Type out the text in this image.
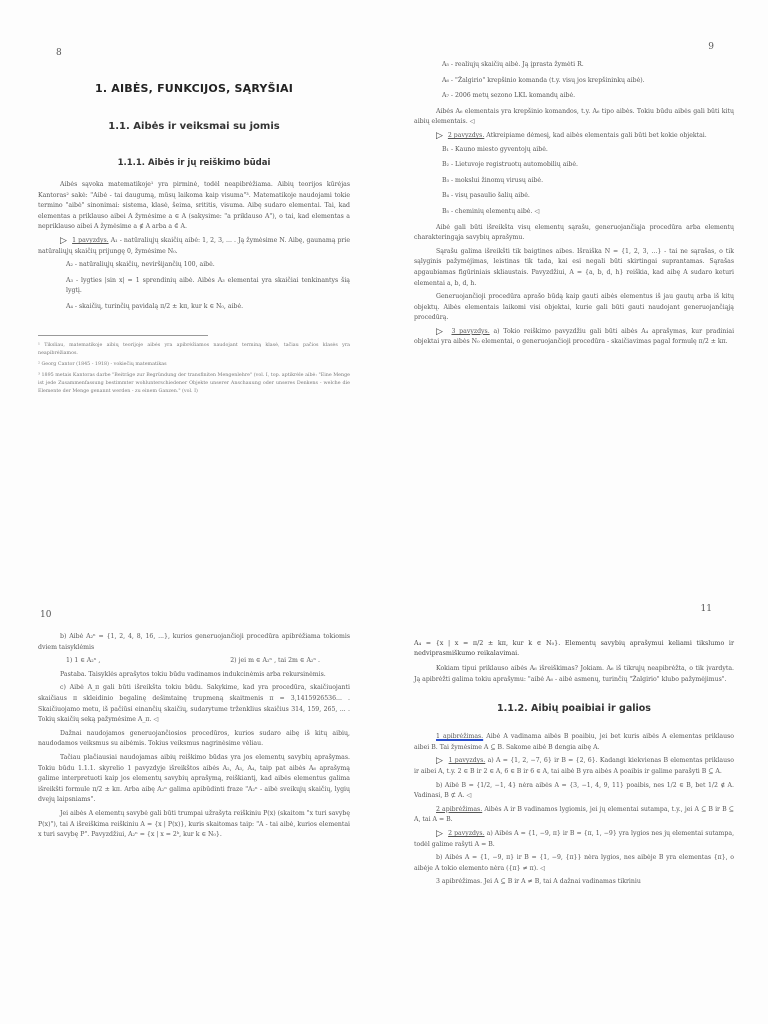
8
1. AIBĖS, FUNKCIJOS, SĄRYŠIAI
1.1. Aibės ir veiksmai su jomis
1.1.1. Aibės ir jų reiškimo būdai

Aibės sąvoka matematikoje¹ yra pirminė, todėl neapibrėžiama. Aibių teorijos kūrėjas Kantoras² sakė: "Aibė - tai daugumą, mūsų laikoma kaip visuma"³. Matematikoje naudojami tokie termino "aibė" sinonimai: sistema, klasė, šeima, srititis, visuma. Aibę sudaro elementai. Tai, kad elementas a priklauso aibei A žymėsime a ∈ A (sakysime: "a priklauso A"), o tai, kad elementas a nepriklauso aibei A žymėsime a ∉ A arba a ∈̄ A.

▷ 1 pavyzdys. A₁ - natūraliųjų skaičių aibė: 1, 2, 3, ... . Ją žymėsime N. Aibę, gaunamą prie natūraliųjų skaičių prijungę 0, žymėsime N₀.

A₂ - natūraliųjų skaičių, neviršijančių 100, aibė.

A₃ - lygties |sin x| = 1 sprendinių aibė. Aibės A₃ elementai yra skaičiai tenkinantys šią lygtį.

A₄ - skaičių, turinčių pavidalą π/2 ± kπ, kur k ∈ N₀, aibė.

¹ Tiksliau, matematikoje aibių teorijoje aibės yra apibrėžiamos naudojant terminą klasė, tačiau pačios klasės yra neapibrėžiamos.

² Georg Cantor (1845 - 1918) - vokiečių matematikas

³ 1895 metais Kantoras darbe "Beiträge zur Begründung der transfiniten Mengenlehre" (vol. I, top. aptikrėle aibė: "Eine Menge ist jede Zusammenfassung bestimmter wohlunterschiedener Objekte unserer Anschauung oder unseres Denkens - welche die Elemente der Menge genannt werden - zu einem Ganzen." (vol. I)

9

A₅ - realiųjų skaičių aibė. Ją įprasta žymėti R.

A₆ - "Žalgirio" krepšinio komanda (t.y. visų jos krepšininkų aibė).

A₇ - 2006 metų sezono LKL komandų aibė.

Aibės A₆ elementais yra krepšinio komandos, t.y. A₆ tipo aibės. Tokiu būdu aibės gali būti kitų aibių elementais. ◁

▷ 2 pavyzdys. Atkreipiame dėmesį, kad aibės elementais gali būti bet kokie objektai.

B₁ - Kauno miesto gyventojų aibė.

B₂ - Lietuvoje registruotų automobilių aibė.

B₃ - mokslui žinomų virusų aibė.

B₄ - visų pasaulio šalių aibė.

B₅ - cheminių elementų aibė. ◁

Aibė gali būti išreikšta visų elementų sąrašu, generuojančiąja procedūra arba elementų charakteringąja savybių aprašymu.

Sąrašu galima išreikšti tik baigtines aibes. Išraiška N = {1, 2, 3, ...} - tai ne sąrašas, o tik sąlyginis pažymėjimas, leistinas tik tada, kai esi negali būti skirtingai suprantamas. Sąrašas apgaubiamas figūriniais skliaustais. Pavyzdžiui, A = {a, b, d, h} reiškia, kad aibę A sudaro keturi elementai a, b, d, h.

Generuojančioji procedūra aprašo būdą kaip gauti aibės elementus iš jau gautų arba iš kitų objektų. Aibės elementais laikomi visi objektai, kurie gali būti gauti naudojant generuojančiąją procedūrą.

▷ 3 pavyzdys. a) Tokio reiškimo pavyzdžiu gali būti aibės A₄ aprašymas, kur pradiniai objektai yra aibės N₀ elementai, o generuojančioji procedūra - skaičiavimas pagal formulę π/2 ± kπ.

10

b) Aibė A₂ⁿ = {1, 2, 4, 8, 16, ...}, kurios generuojančioji procedūra apibrėžiama tokiomis dviem taisyklėmis

1) 1 ∈ A₂ⁿ ,	2) jei m ∈ A₂ⁿ , tai 2m ∈ A₂ⁿ .

Pastaba. Taisyklės aprašytos tokiu būdu vadinamos indukcinėmis arba rekursinėmis.

c) Aibė A_π gali būti išreikšta tokiu būdu. Sakykime, kad yra procedūra, skaičiuojanti skaičiaus π skleidinio begalinę dešimtainę trupmeną skaitmenis π = 3,1415926536... . Skaičiuojamo metu, iš pačiūsi einančių skaičių, sudarytume trženklius skaičius 314, 159, 265, ... . Tokių skaičių seką pažymėsime A_π. ◁

Dažnai naudojamos generuojančiosios procedūros, kurios sudaro aibę iš kitų aibių, naudodamos veiksmus su aibėmis. Tokius veiksmus nagrinėsime vėliau.

Tačiau plačiausiai naudojamas aibių reiškimo būdas yra jos elementų savybių aprašymas. Tokiu būdu 1.1.1. skyrelio 1 pavyzdyje išreikštos aibės A₂, A₃, A₄, taip pat aibės A₆ aprašymą galime interpretuoti kaip jos elementų savybių aprašymą, reiškiantį, kad aibės elementus galima išreikšti formule π/2 ± kπ. Arba aibę A₂ⁿ galima apibūdinti fraze "A₂ⁿ - aibė sveikųjų skaičių, lygių dvejų laipsniams".

Jei aibės A elementų savybė gali būti trumpai užrašyta reiškiniu P(x) (skaitom "x turi savybę P(x)"), tai A išreiškima reiškiniu A = {x | P(x)}, kuris skaitomas taip: "A - tai aibė, kurios elementai x turi savybę P". Pavyzdžiui, A₂ⁿ = {x | x = 2ᵏ, kur k ∈ N₀}.

11

A₄ = {x | x = π/2 ± kπ, kur k ∈ N₀}. Elementų savybių aprašymui keliami tikslumo ir nedviprasmiškumo reikalavimai.

Kokiam tipui priklauso aibės A₆ išreiškimas? Jokiam. A₆ iš tikrųjų neapibrėžta, o tik įvardyta. Ją apibrėžti galima tokiu aprašymu: "aibė A₆ - aibė asmenų, turinčių "Žalgirio" klubo pažymėjimus".

1.1.2. Aibių poaibiai ir galios

1 apibrėžimas. Aibė A vadinama aibės B poaibiu, jei bet kuris aibės A elementas priklauso aibei B. Tai žymėsime A ⊆ B. Sakome aibė B dengia aibę A.

▷ 1 pavyzdys. a) A = {1, 2, −7, 6} ir B = {2, 6}. Kadangi kiekvienas B elementas priklauso ir aibei A, t.y. 2 ∈ B ir 2 ∈ A, 6 ∈ B ir 6 ∈ A, tai aibė B yra aibės A poaibis ir galime parašyti B ⊆ A.

b) Aibė B = {1/2, −1, 4} nėra aibės A = {3, −1, 4, 9, 11} poaibis, nes 1/2 ∈ B, bet 1/2 ∉ A. Vadinasi, B ⊄ A. ◁

2 apibrėžimas. Aibės A ir B vadinamos lygiomis, jei jų elementai sutampa, t.y., jei A ⊆ B ir B ⊆ A, tai A = B.

▷ 2 pavyzdys. a) Aibės A = {1, −9, π} ir B = {π, 1, −9} yra lygios nes jų elementai sutampa, todėl galime rašyti A = B.

b) Aibės A = {1, −9, π} ir B = {1, −9, {π}} nėra lygios, nes aibėje B yra elementas {π}, o aibėje A tokio elemento nėra ({π} ≠ π). ◁

3 apibrėžimas. Jei A ⊆ B ir A ≠ B, tai A dažnai vadinamas tikriniu
